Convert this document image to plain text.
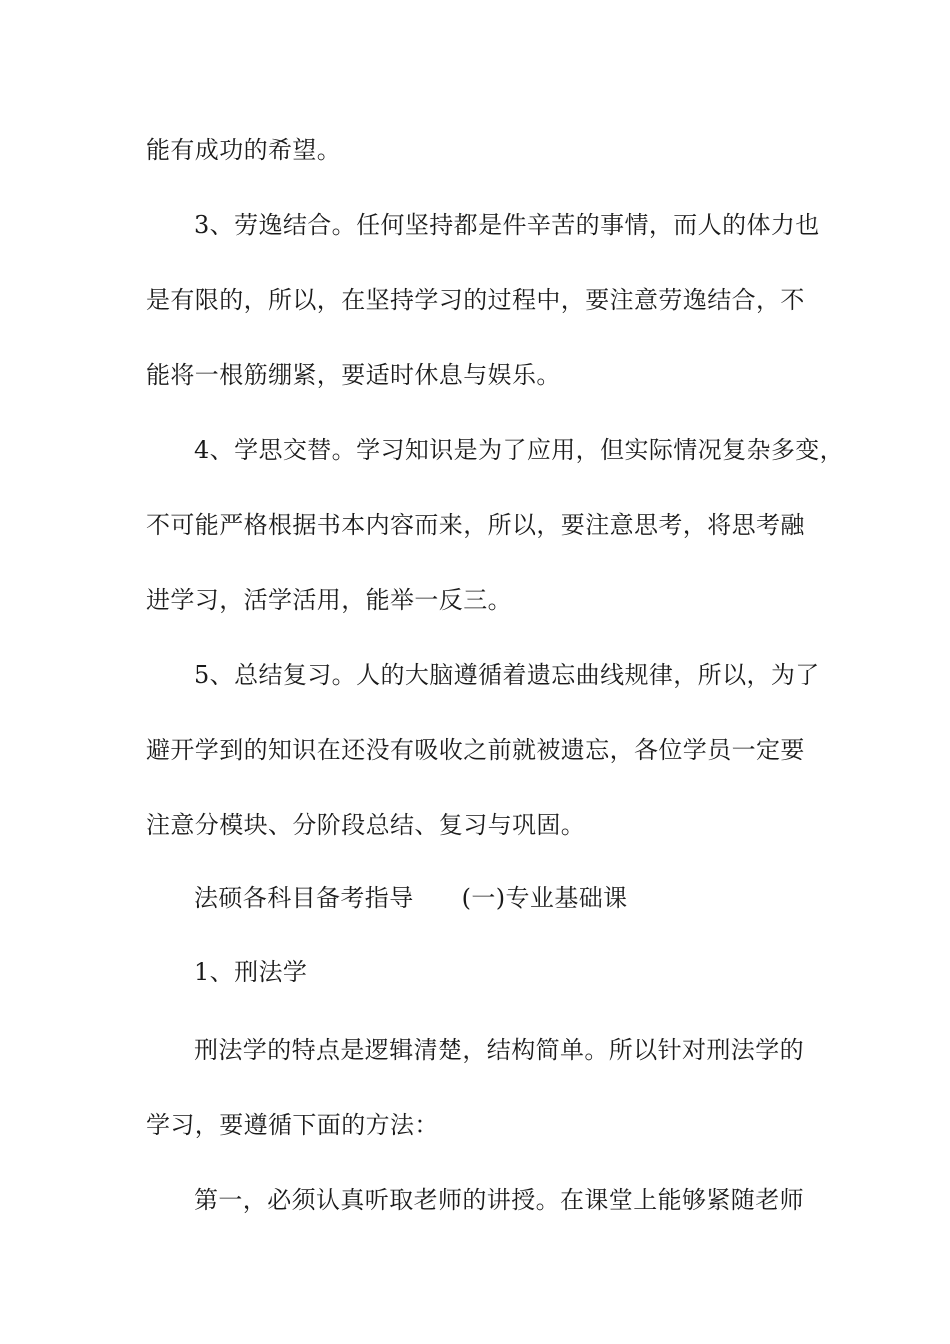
能有成功的希望。
3、劳逸结合。任何坚持都是件辛苦的事情，而人的体力也
是有限的，所以，在坚持学习的过程中，要注意劳逸结合，不
能将一根筋绷紧，要适时休息与娱乐。
4、学思交替。学习知识是为了应用，但实际情况复杂多变，
不可能严格根据书本内容而来，所以，要注意思考，将思考融
进学习，活学活用，能举一反三。
5、总结复习。人的大脑遵循着遗忘曲线规律，所以，为了
避开学到的知识在还没有吸收之前就被遗忘，各位学员一定要
注意分模块、分阶段总结、复习与巩固。
法硕各科目备考指导 (一)专业基础课
1、刑法学
刑法学的特点是逻辑清楚，结构简单。所以针对刑法学的
学习，要遵循下面的方法：
第一，必须认真听取老师的讲授。在课堂上能够紧随老师
